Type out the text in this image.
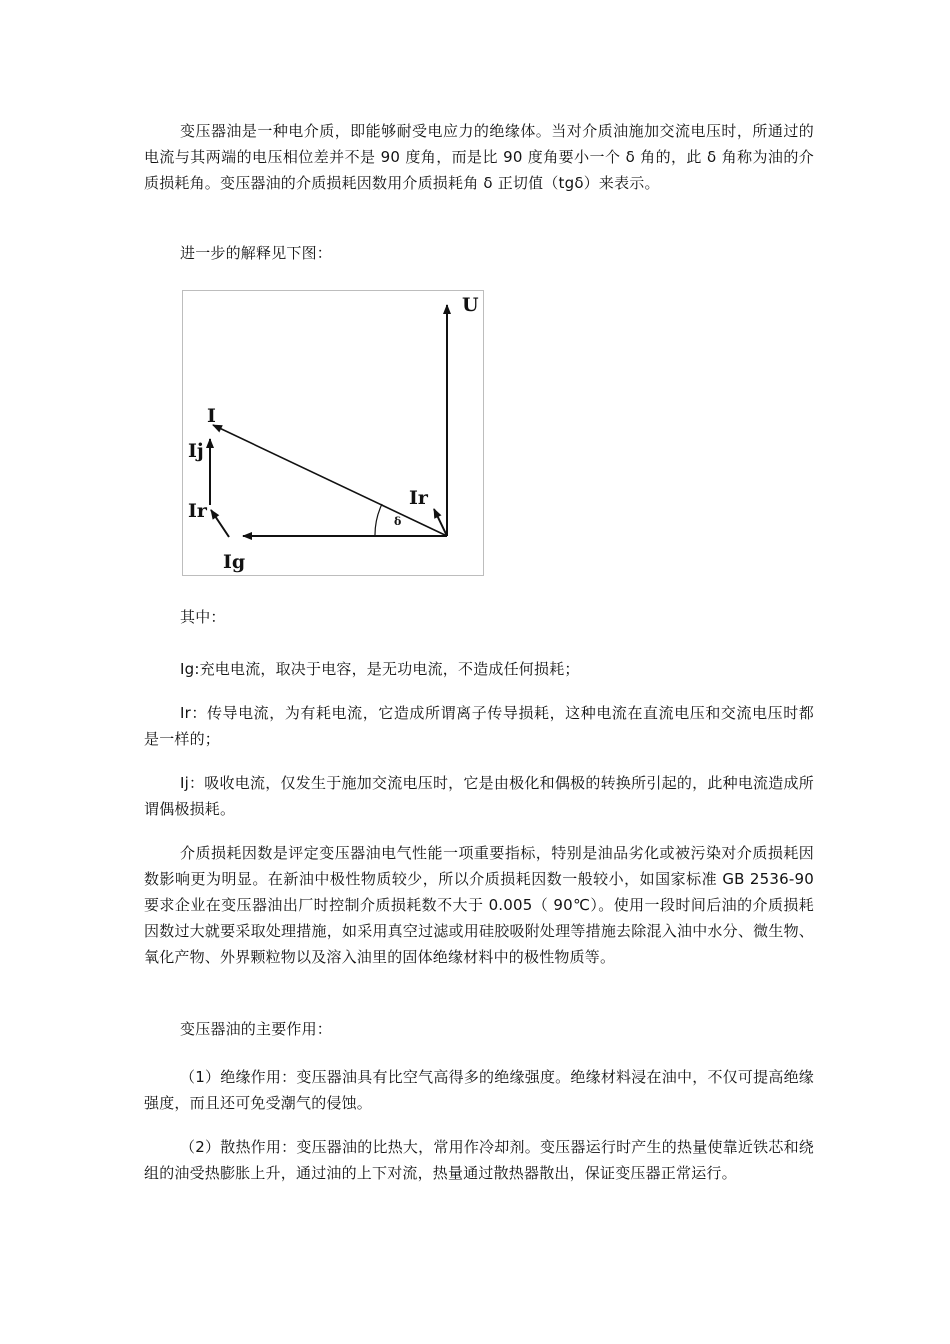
变压器油是一种电介质，即能够耐受电应力的绝缘体。当对介质油施加交流电压时，所通过的电流与其两端的电压相位差并不是 90 度角，而是比 90 度角要小一个 δ 角的，此 δ 角称为油的介质损耗角。变压器油的介质损耗因数用介质损耗角 δ 正切值（tgδ）来表示。

进一步的解释见下图：

U
I
Ij
Ir
Ir
Ig
δ

其中：

Ig:充电电流，取决于电容，是无功电流，不造成任何损耗；

Ir：传导电流，为有耗电流，它造成所谓离子传导损耗，这种电流在直流电压和交流电压时都是一样的；

Ij：吸收电流，仅发生于施加交流电压时，它是由极化和偶极的转换所引起的，此种电流造成所谓偶极损耗。

介质损耗因数是评定变压器油电气性能一项重要指标，特别是油品劣化或被污染对介质损耗因数影响更为明显。在新油中极性物质较少，所以介质损耗因数一般较小，如国家标准 GB 2536-90 要求企业在变压器油出厂时控制介质损耗数不大于 0.005（ 90℃）。使用一段时间后油的介质损耗因数过大就要采取处理措施，如采用真空过滤或用硅胶吸附处理等措施去除混入油中水分、微生物、氧化产物、外界颗粒物以及溶入油里的固体绝缘材料中的极性物质等。

变压器油的主要作用：

（1）绝缘作用：变压器油具有比空气高得多的绝缘强度。绝缘材料浸在油中，不仅可提高绝缘强度，而且还可免受潮气的侵蚀。

（2）散热作用：变压器油的比热大，常用作冷却剂。变压器运行时产生的热量使靠近铁芯和绕组的油受热膨胀上升，通过油的上下对流，热量通过散热器散出，保证变压器正常运行。
